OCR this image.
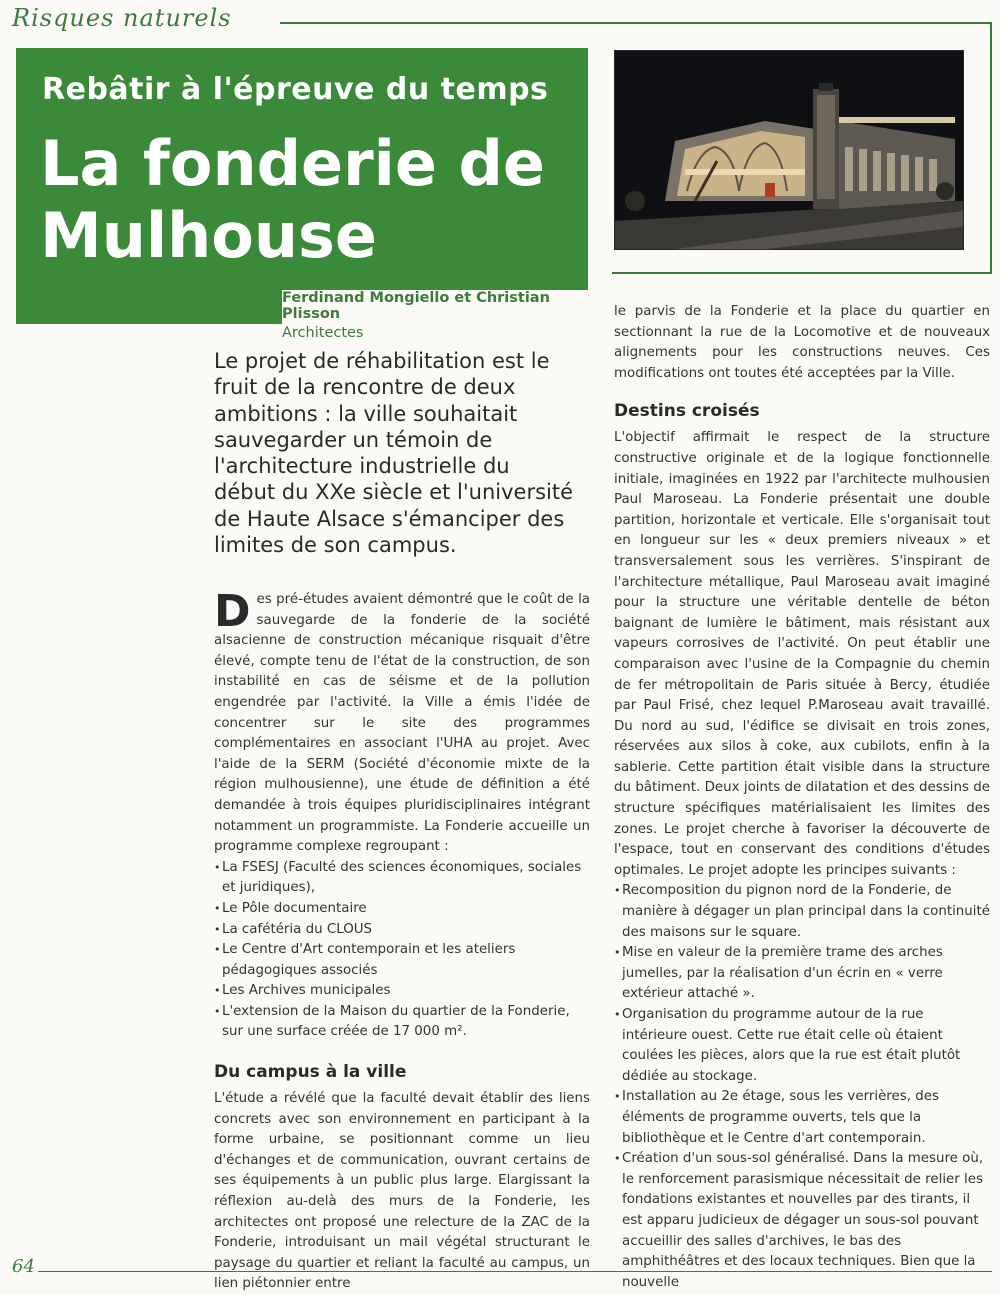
Risques naturels
Rebâtir à l'épreuve du temps
La fonderie de Mulhouse
Ferdinand Mongiello et Christian Plisson
Architectes
Le projet de réhabilitation est le fruit de la rencontre de deux ambitions : la ville souhaitait sauvegarder un témoin de l'architecture industrielle du début du XXe siècle et l'université de Haute Alsace s'émanciper des limites de son campus.

Des pré-études avaient démontré que le coût de la sauvegarde de la fonderie de la société alsacienne de construction mécanique risquait d'être élevé, compte tenu de l'état de la construction, de son instabilité en cas de séisme et de la pollution engendrée par l'activité. la Ville a émis l'idée de concentrer sur le site des programmes complémentaires en associant l'UHA au projet. Avec l'aide de la SERM (Société d'économie mixte de la région mulhousienne), une étude de définition a été demandée à trois équipes pluridisciplinaires intégrant notamment un programmiste. La Fonderie accueille un programme complexe regroupant :

• La FSESJ (Faculté des sciences économiques, sociales et juridiques),
• Le Pôle documentaire
• La cafétéria du CLOUS
• Le Centre d'Art contemporain et les ateliers pédagogiques associés
• Les Archives municipales
• L'extension de la Maison du quartier de la Fonderie, sur une surface créée de 17 000 m².
Du campus à la ville

L'étude a révélé que la faculté devait établir des liens concrets avec son environnement en participant à la forme urbaine, se positionnant comme un lieu d'échanges et de communication, ouvrant certains de ses équipements à un public plus large. Elargissant la réflexion au-delà des murs de la Fonderie, les architectes ont proposé une relecture de la ZAC de la Fonderie, introduisant un mail végétal structurant le paysage du quartier et reliant la faculté au campus, un lien piétonnier entre

le parvis de la Fonderie et la place du quartier en sectionnant la rue de la Locomotive et de nouveaux alignements pour les constructions neuves. Ces modifications ont toutes été acceptées par la Ville.

Destins croisés

L'objectif affirmait le respect de la structure constructive originale et de la logique fonctionnelle initiale, imaginées en 1922 par l'architecte mulhousien Paul Maroseau. La Fonderie présentait une double partition, horizontale et verticale. Elle s'organisait tout en longueur sur les « deux premiers niveaux » et transversalement sous les verrières. S'inspirant de l'architecture métallique, Paul Maroseau avait imaginé pour la structure une véritable dentelle de béton baignant de lumière le bâtiment, mais résistant aux vapeurs corrosives de l'activité. On peut établir une comparaison avec l'usine de la Compagnie du chemin de fer métropolitain de Paris située à Bercy, étudiée par Paul Frisé, chez lequel P.Maroseau avait travaillé. Du nord au sud, l'édifice se divisait en trois zones, réservées aux silos à coke, aux cubilots, enfin à la sablerie. Cette partition était visible dans la structure du bâtiment. Deux joints de dilatation et des dessins de structure spécifiques matérialisaient les limites des zones. Le projet cherche à favoriser la découverte de l'espace, tout en conservant des conditions d'études optimales. Le projet adopte les principes suivants :

• Recomposition du pignon nord de la Fonderie, de manière à dégager un plan principal dans la continuité des maisons sur le square.
• Mise en valeur de la première trame des arches jumelles, par la réalisation d'un écrin en « verre extérieur attaché ».
• Organisation du programme autour de la rue intérieure ouest. Cette rue était celle où étaient coulées les pièces, alors que la rue est était plutôt dédiée au stockage.
• Installation au 2e étage, sous les verrières, des éléments de programme ouverts, tels que la bibliothèque et le Centre d'art contemporain.
• Création d'un sous-sol généralisé. Dans la mesure où, le renforcement parasismique nécessitait de relier les fondations existantes et nouvelles par des tirants, il est apparu judicieux de dégager un sous-sol pouvant accueillir des salles d'archives, le bas des amphithéâtres et des locaux techniques. Bien que la nouvelle
64
